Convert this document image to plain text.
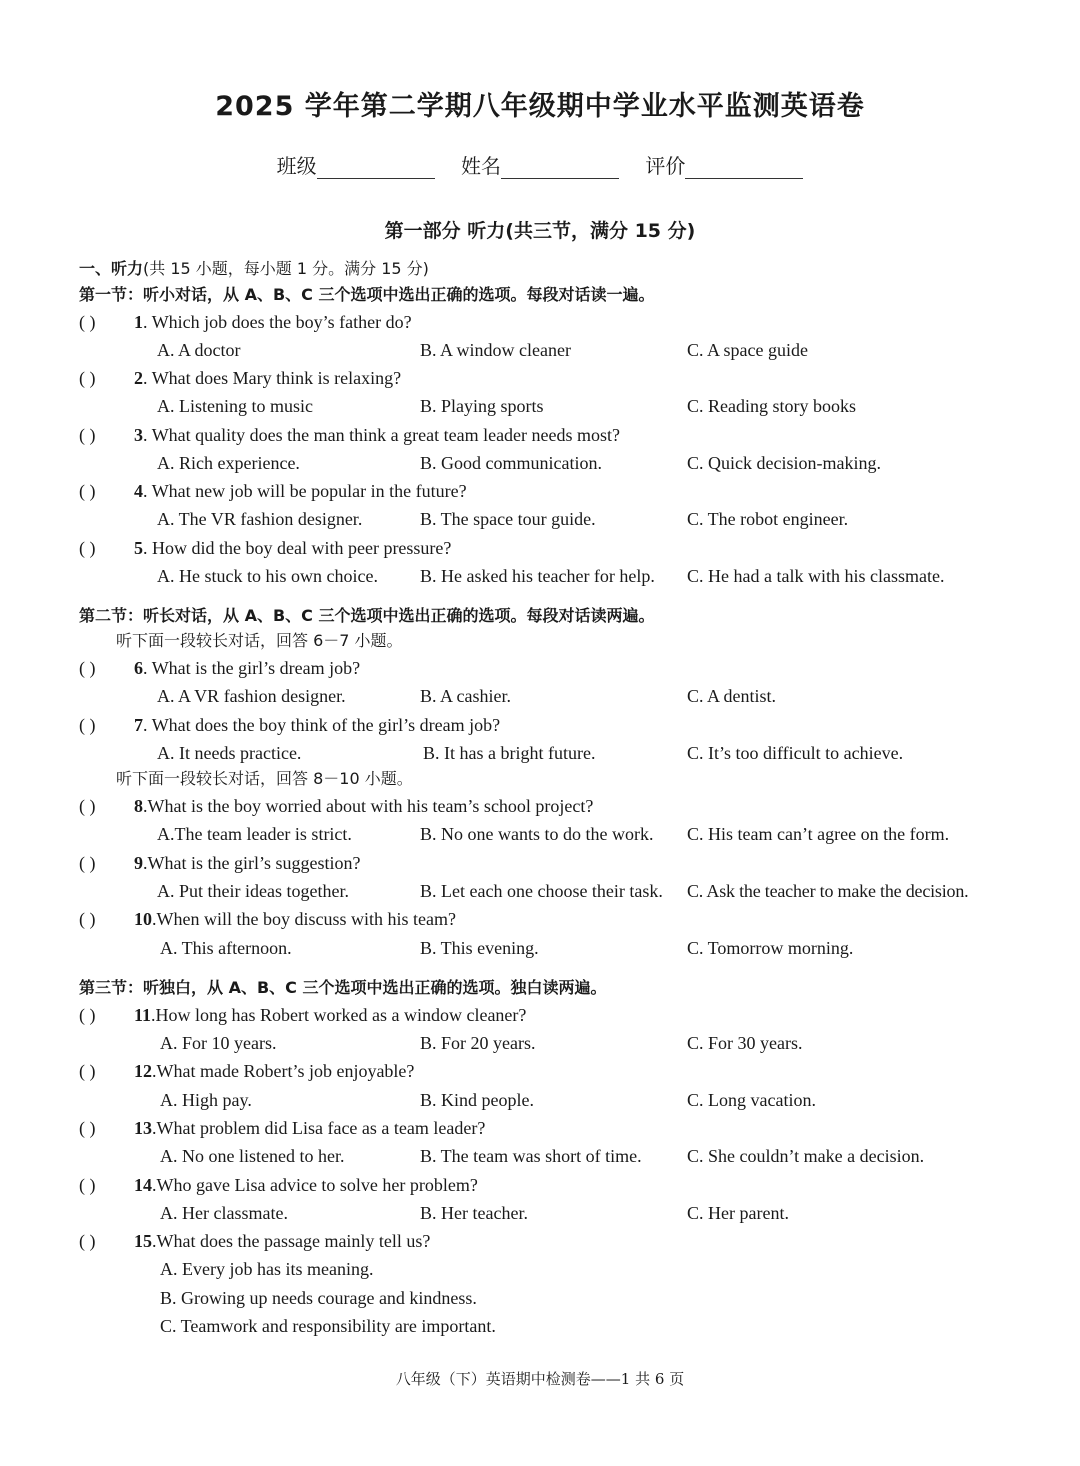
2025 学年第二学期八年级期中学业水平监测英语卷
班级	姓名	评价
第一部分 听力(共三节，满分 15 分)
一、听力(共 15 小题，每小题 1 分。满分 15 分)
第一节：听小对话，从 A、B、C 三个选项中选出正确的选项。每段对话读一遍。
( ) 1. Which job does the boy’s father do?
A. A doctor	B. A window cleaner	C. A space guide
( ) 2. What does Mary think is relaxing?
A. Listening to music	B. Playing sports	C. Reading story books
( ) 3. What quality does the man think a great team leader needs most?
A. Rich experience.	B. Good communication.	C. Quick decision-making.
( ) 4. What new job will be popular in the future?
A. The VR fashion designer.	B. The space tour guide.	C. The robot engineer.
( ) 5. How did the boy deal with peer pressure?
A. He stuck to his own choice. B. He asked his teacher for help. C. He had a talk with his classmate.
第二节：听长对话，从 A、B、C 三个选项中选出正确的选项。每段对话读两遍。
听下面一段较长对话，回答 6－7 小题。
( ) 6. What is the girl’s dream job?
A. A VR fashion designer.	B. A cashier.	C. A dentist.
( ) 7. What does the boy think of the girl’s dream job?
A. It needs practice.	B. It has a bright future.	C. It’s too difficult to achieve.
听下面一段较长对话，回答 8－10 小题。
( ) 8.What is the boy worried about with his team’s school project?
A.The team leader is strict.	B. No one wants to do the work. C. His team can’t agree on the form.
( ) 9.What is the girl’s suggestion?
A. Put their ideas together.	B. Let each one choose their task. C. Ask the teacher to make the decision.
( ) 10.When will the boy discuss with his team?
A. This afternoon.	B. This evening.	C. Tomorrow morning.
第三节：听独白，从 A、B、C 三个选项中选出正确的选项。独白读两遍。
( ) 11.How long has Robert worked as a window cleaner?
A. For 10 years.	B. For 20 years.	C. For 30 years.
( ) 12.What made Robert’s job enjoyable?
A. High pay.	B. Kind people.	C. Long vacation.
( ) 13.What problem did Lisa face as a team leader?
A. No one listened to her.	B. The team was short of time.	C. She couldn’t make a decision.
( ) 14.Who gave Lisa advice to solve her problem?
A. Her classmate.	B. Her teacher.	C. Her parent.
( ) 15.What does the passage mainly tell us?
A. Every job has its meaning.
B. Growing up needs courage and kindness.
C. Teamwork and responsibility are important.
八年级（下）英语期中检测卷——1 共 6 页
